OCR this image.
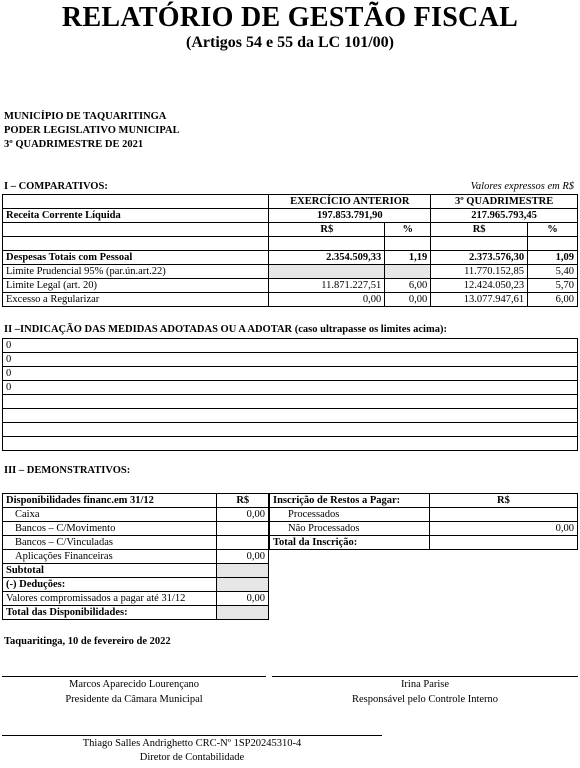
RELATÓRIO DE GESTÃO FISCAL
(Artigos 54 e 55 da LC 101/00)
MUNICÍPIO DE TAQUARITINGA
PODER LEGISLATIVO MUNICIPAL
3º QUADRIMESTRE DE 2021
I – COMPARATIVOS:	Valores expressos em R$
	EXERCÍCIO ANTERIOR		3º QUADRIMESTRE	
Receita Corrente Líquida	197.853.791,90		217.965.793,45	
	R$	%	R$	%

Despesas Totais com Pessoal	2.354.509,33	1,19	2.373.576,30	1,09
Limite Prudencial 95% (par.ún.art.22)			11.770.152,85	5,40
Limite Legal (art. 20)	11.871.227,51	6,00	12.424.050,23	5,70
Excesso a Regularizar	0,00	0,00	13.077.947,61	6,00
II –INDICAÇÃO DAS MEDIDAS ADOTADAS OU A ADOTAR (caso ultrapasse os limites acima):
0
0
0
0

III – DEMONSTRATIVOS:
Disponibilidades financ.em 31/12	R$
Caixa	0,00
Bancos – C/Movimento	
Bancos – C/Vinculadas	
Aplicações Financeiras	0,00
Subtotal	
(-) Deduções:	
Valores compromissados a pagar até 31/12	0,00
Total das Disponibilidades:	
Inscrição de Restos a Pagar:	R$
Processados	
Não Processados	0,00
Total da Inscrição:	
Taquaritinga, 10 de fevereiro de 2022
Marcos Aparecido Lourençano
Presidente da Câmara Municipal
Irina Parise
Responsável pelo Controle Interno
Thiago Salles Andrighetto CRC-Nº 1SP20245310-4
Diretor de Contabilidade
